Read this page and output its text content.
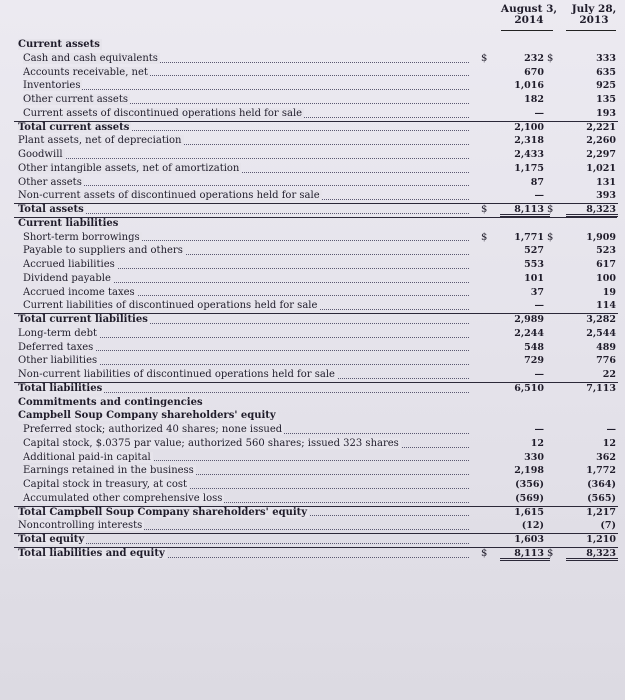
August 3,
2014
July 28,
2013
Current assets
Cash and cash equivalents	$	232 $	333
Accounts receivable, net	670	635
Inventories	1,016	925
Other current assets	182	135
Current assets of discontinued operations held for sale	—	193
Total current assets	2,100	2,221
Plant assets, net of depreciation	2,318	2,260
Goodwill	2,433	2,297
Other intangible assets, net of amortization	1,175	1,021
Other assets	87	131
Non-current assets of discontinued operations held for sale	—	393
Total assets	$	8,113 $	8,323
Current liabilities
Short-term borrowings	$	1,771 $	1,909
Payable to suppliers and others	527	523
Accrued liabilities	553	617
Dividend payable	101	100
Accrued income taxes	37	19
Current liabilities of discontinued operations held for sale	—	114
Total current liabilities	2,989	3,282
Long-term debt	2,244	2,544
Deferred taxes	548	489
Other liabilities	729	776
Non-current liabilities of discontinued operations held for sale	—	22
Total liabilities	6,510	7,113
Commitments and contingencies
Campbell Soup Company shareholders' equity
Preferred stock; authorized 40 shares; none issued	—	—
Capital stock, $.0375 par value; authorized 560 shares; issued 323 shares	12	12
Additional paid-in capital	330	362
Earnings retained in the business	2,198	1,772
Capital stock in treasury, at cost	(356)	(364)
Accumulated other comprehensive loss	(569)	(565)
Total Campbell Soup Company shareholders' equity	1,615	1,217
Noncontrolling interests	(12)	(7)
Total equity	1,603	1,210
Total liabilities and equity	$	8,113 $	8,323
